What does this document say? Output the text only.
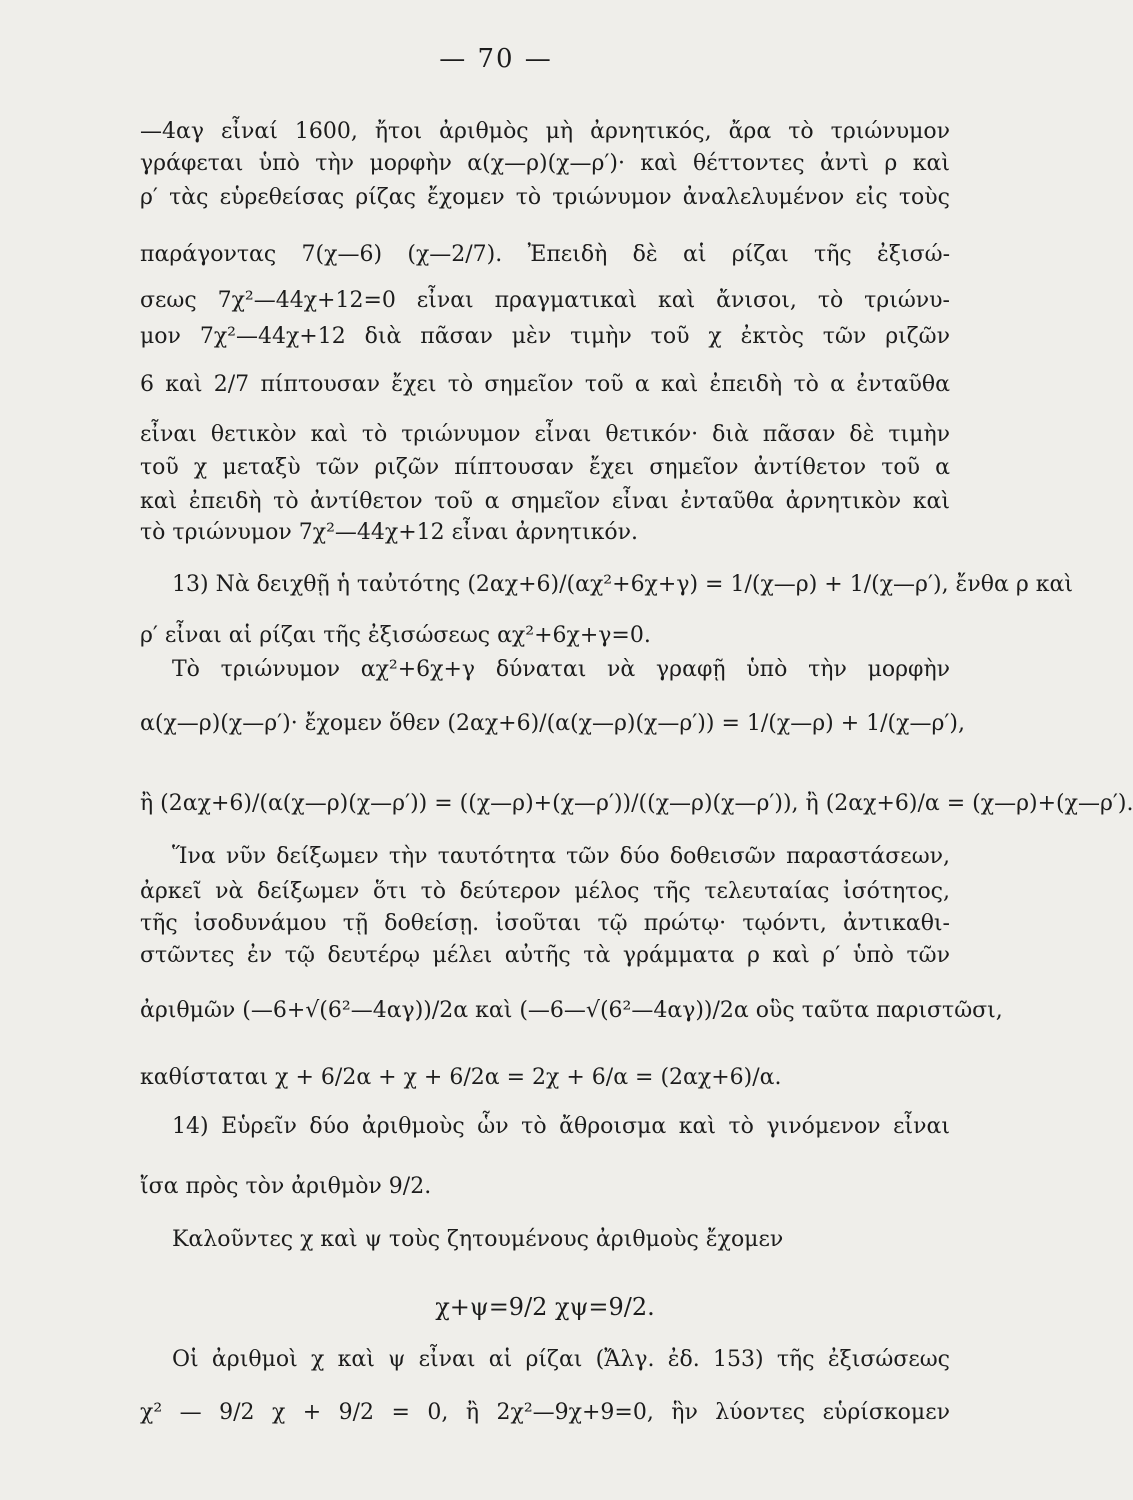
— 70 —
—4αγ εἶναί 1600, ἤτοι ἀριθμὸς μὴ ἀρνητικός, ἄρα τὸ τριώνυμον
γράφεται ὑπὸ τὴν μορφὴν α(χ—ρ)(χ—ρ′)· καὶ θέττοντες ἀντὶ ρ καὶ
ρ′ τὰς εὑρεθείσας ρίζας ἔχομεν τὸ τριώνυμον ἀναλελυμένον εἰς τοὺς
παράγοντας 7(χ—6) (χ—2/7). Ἐπειδὴ δὲ αἱ ρίζαι τῆς ἐξισώ-
σεως 7χ²—44χ+12=0 εἶναι πραγματικαὶ καὶ ἄνισοι, τὸ τριώνυ-
μον 7χ²—44χ+12 διὰ πᾶσαν μὲν τιμὴν τοῦ χ ἐκτὸς τῶν ριζῶν
6 καὶ 2/7 πίπτουσαν ἔχει τὸ σημεῖον τοῦ α καὶ ἐπειδὴ τὸ α ἐνταῦθα
εἶναι θετικὸν καὶ τὸ τριώνυμον εἶναι θετικόν· διὰ πᾶσαν δὲ τιμὴν
τοῦ χ μεταξὺ τῶν ριζῶν πίπτουσαν ἔχει σημεῖον ἀντίθετον τοῦ α
καὶ ἐπειδὴ τὸ ἀντίθετον τοῦ α σημεῖον εἶναι ἐνταῦθα ἀρνητικὸν καὶ
τὸ τριώνυμον 7χ²—44χ+12 εἶναι ἀρνητικόν.
13) Νὰ δειχθῇ ἡ ταὐτότης (2αχ+6)/(αχ²+6χ+γ) = 1/(χ—ρ) + 1/(χ—ρ′), ἔνθα ρ καὶ
ρ′ εἶναι αἱ ρίζαι τῆς ἐξισώσεως αχ²+6χ+γ=0.
Τὸ τριώνυμον αχ²+6χ+γ δύναται νὰ γραφῇ ὑπὸ τὴν μορφὴν
α(χ—ρ)(χ—ρ′)· ἔχομεν ὅθεν (2αχ+6)/(α(χ—ρ)(χ—ρ′)) = 1/(χ—ρ) + 1/(χ—ρ′),
ἢ (2αχ+6)/(α(χ—ρ)(χ—ρ′)) = ((χ—ρ)+(χ—ρ′))/((χ—ρ)(χ—ρ′)), ἢ (2αχ+6)/α = (χ—ρ)+(χ—ρ′).
Ἵνα νῦν δείξωμεν τὴν ταυτότητα τῶν δύο δοθεισῶν παραστάσεων,
ἀρκεῖ νὰ δείξωμεν ὅτι τὸ δεύτερον μέλος τῆς τελευταίας ἰσότητος,
τῆς ἰσοδυνάμου τῇ δοθείσῃ. ἰσοῦται τῷ πρώτῳ· τῳόντι, ἀντικαθι-
στῶντες ἐν τῷ δευτέρῳ μέλει αὐτῆς τὰ γράμματα ρ καὶ ρ′ ὑπὸ τῶν
ἀριθμῶν (—6+√(6²—4αγ))/2α καὶ (—6—√(6²—4αγ))/2α οὓς ταῦτα παριστῶσι,
καθίσταται χ + 6/2α + χ + 6/2α = 2χ + 6/α = (2αχ+6)/α.
14) Εὑρεῖν δύο ἀριθμοὺς ὧν τὸ ἄθροισμα καὶ τὸ γινόμενον εἶναι
ἴσα πρὸς τὸν ἀριθμὸν 9/2.
Καλοῦντες χ καὶ ψ τοὺς ζητουμένους ἀριθμοὺς ἔχομεν
χ+ψ=9/2 χψ=9/2.
Οἱ ἀριθμοὶ χ καὶ ψ εἶναι αἱ ρίζαι (Ἄλγ. ἐδ. 153) τῆς ἐξισώσεως
χ² — 9/2 χ + 9/2 = 0, ἢ 2χ²—9χ+9=0, ἣν λύοντες εὑρίσκομεν
